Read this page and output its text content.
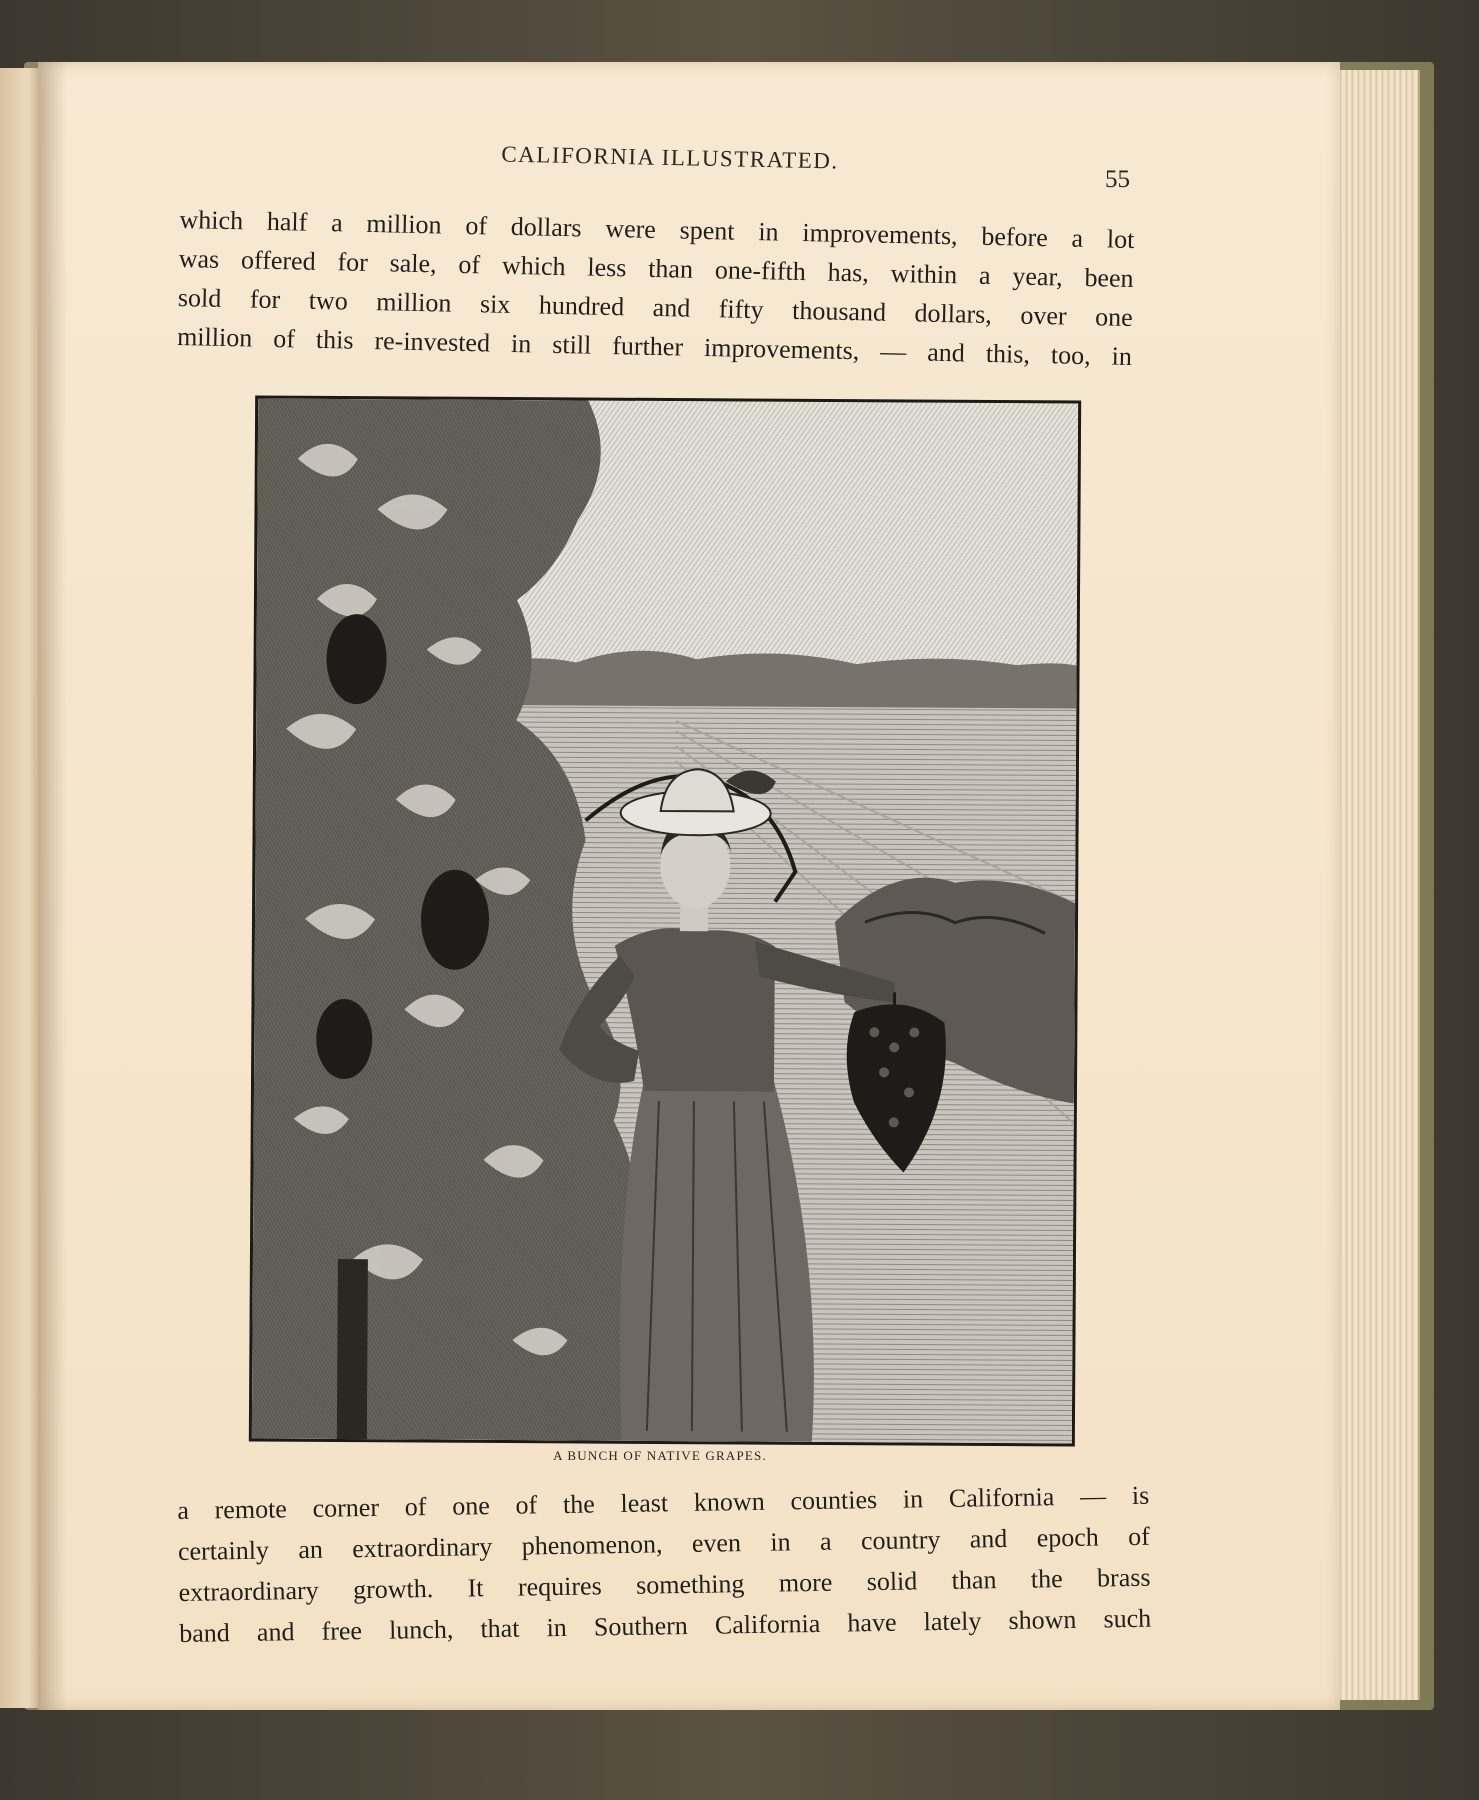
CALIFORNIA ILLUSTRATED.
55
which half a million of dollars were spent in improvements, before a lot
was offered for sale, of which less than one-fifth has, within a year, been
sold for two million six hundred and fifty thousand dollars, over one
million of this re-invested in still further improvements, — and this, too, in
A BUNCH OF NATIVE GRAPES.
a remote corner of one of the least known counties in California — is
certainly an extraordinary phenomenon, even in a country and epoch of
extraordinary growth. It requires something more solid than the brass
band and free lunch, that in Southern California have lately shown such
